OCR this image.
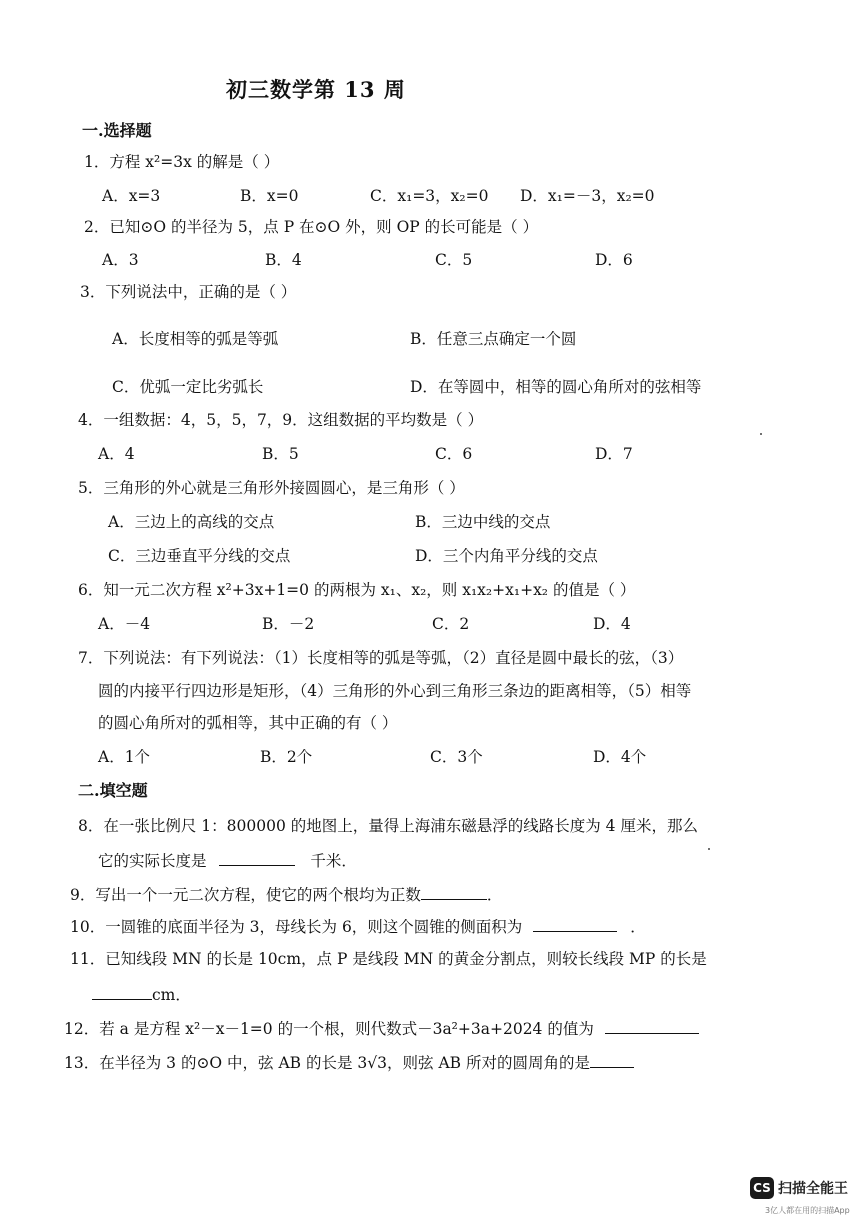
初三数学第 13 周
一.选择题
1．方程 x²=3x 的解是（ ）
A．x=3	B．x=0	C．x₁=3，x₂=0 D．x₁=－3，x₂=0
2．已知⊙O 的半径为 5，点 P 在⊙O 外，则 OP 的长可能是（ ）
A．3	B．4	C．5	D．6
3．下列说法中，正确的是（ ）
A．长度相等的弧是等弧	B．任意三点确定一个圆
C．优弧一定比劣弧长	D．在等圆中，相等的圆心角所对的弦相等
4．一组数据：4，5，5，7，9．这组数据的平均数是（ ）
A．4	B．5	C．6	D．7
5．三角形的外心就是三角形外接圆圆心，是三角形（ ）
A．三边上的高线的交点	B．三边中线的交点
C．三边垂直平分线的交点	D．三个内角平分线的交点
6．知一元二次方程 x²+3x+1=0 的两根为 x₁、x₂，则 x₁x₂+x₁+x₂ 的值是（ ）
A．－4	B．－2	C．2	D．4
7．下列说法：有下列说法：（1）长度相等的弧是等弧，（2）直径是圆中最长的弦，（3）
圆的内接平行四边形是矩形，（4）三角形的外心到三角形三条边的距离相等，（5）相等
的圆心角所对的弧相等，其中正确的有（ ）
A．1个	B．2个	C．3个	D．4个
二.填空题
8．在一张比例尺 1：800000 的地图上，量得上海浦东磁悬浮的线路长度为 4 厘米，那么
它的实际长度是	千米．
9．写出一个一元二次方程，使它的两个根均为正数	．
10．一圆锥的底面半径为 3，母线长为 6，则这个圆锥的侧面积为	．
11．已知线段 MN 的长是 10cm，点 P 是线段 MN 的黄金分割点，则较长线段 MP 的长是
cm．
12．若 a 是方程 x²－x－1=0 的一个根，则代数式－3a²+3a+2024 的值为
13．在半径为 3 的⊙O 中，弦 AB 的长是 3√3，则弦 AB 所对的圆周角的是
CS 扫描全能王
3亿人都在用的扫描App
